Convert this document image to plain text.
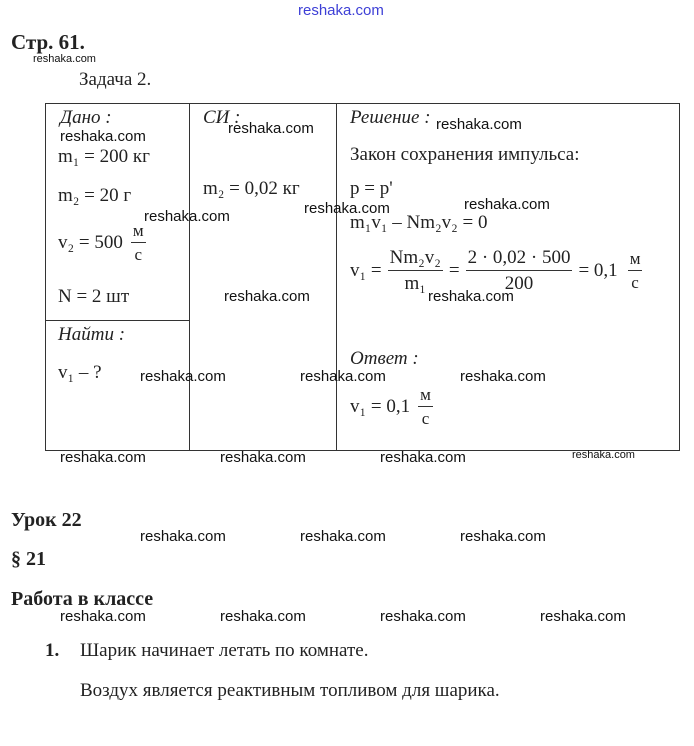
reshaka.com
reshaka.com
Стр. 61.
Задача 2.
Дано :
m₁ = 200 кг
m₂ = 20 г
$v_2 = 500 \frac{м}{с}$
N = 2 шт
Найти :
v₁ – ?
СИ :
m₂ = 0,02 кг
Решение :
Закон сохранения импульса:
p = p'
m₁v₁ – Nm₂v₂ = 0
$v_1 = \frac{\text{Nm₂v₂}}{\text{m₁}} = \frac{2 \cdot 0,02 \cdot 500}{200} = 0,1 \frac{м}{с}$
Ответ :
$v_1 = 0,1 \frac{м}{с}$
reshaka.com	reshaka.com	reshaka.com
reshaka.com	reshaka.com	reshaka.com
reshaka.com	reshaka.com
reshaka.com	reshaka.com	reshaka.com
reshaka.com	reshaka.com	reshaka.com	reshaka.com
Урок 22
§ 21
Работа в классе
reshaka.com	reshaka.com	reshaka.com
reshaka.com	reshaka.com	reshaka.com	reshaka.com
1. Шарик начинает летать по комнате.
Воздух является реактивным топливом для шарика.
